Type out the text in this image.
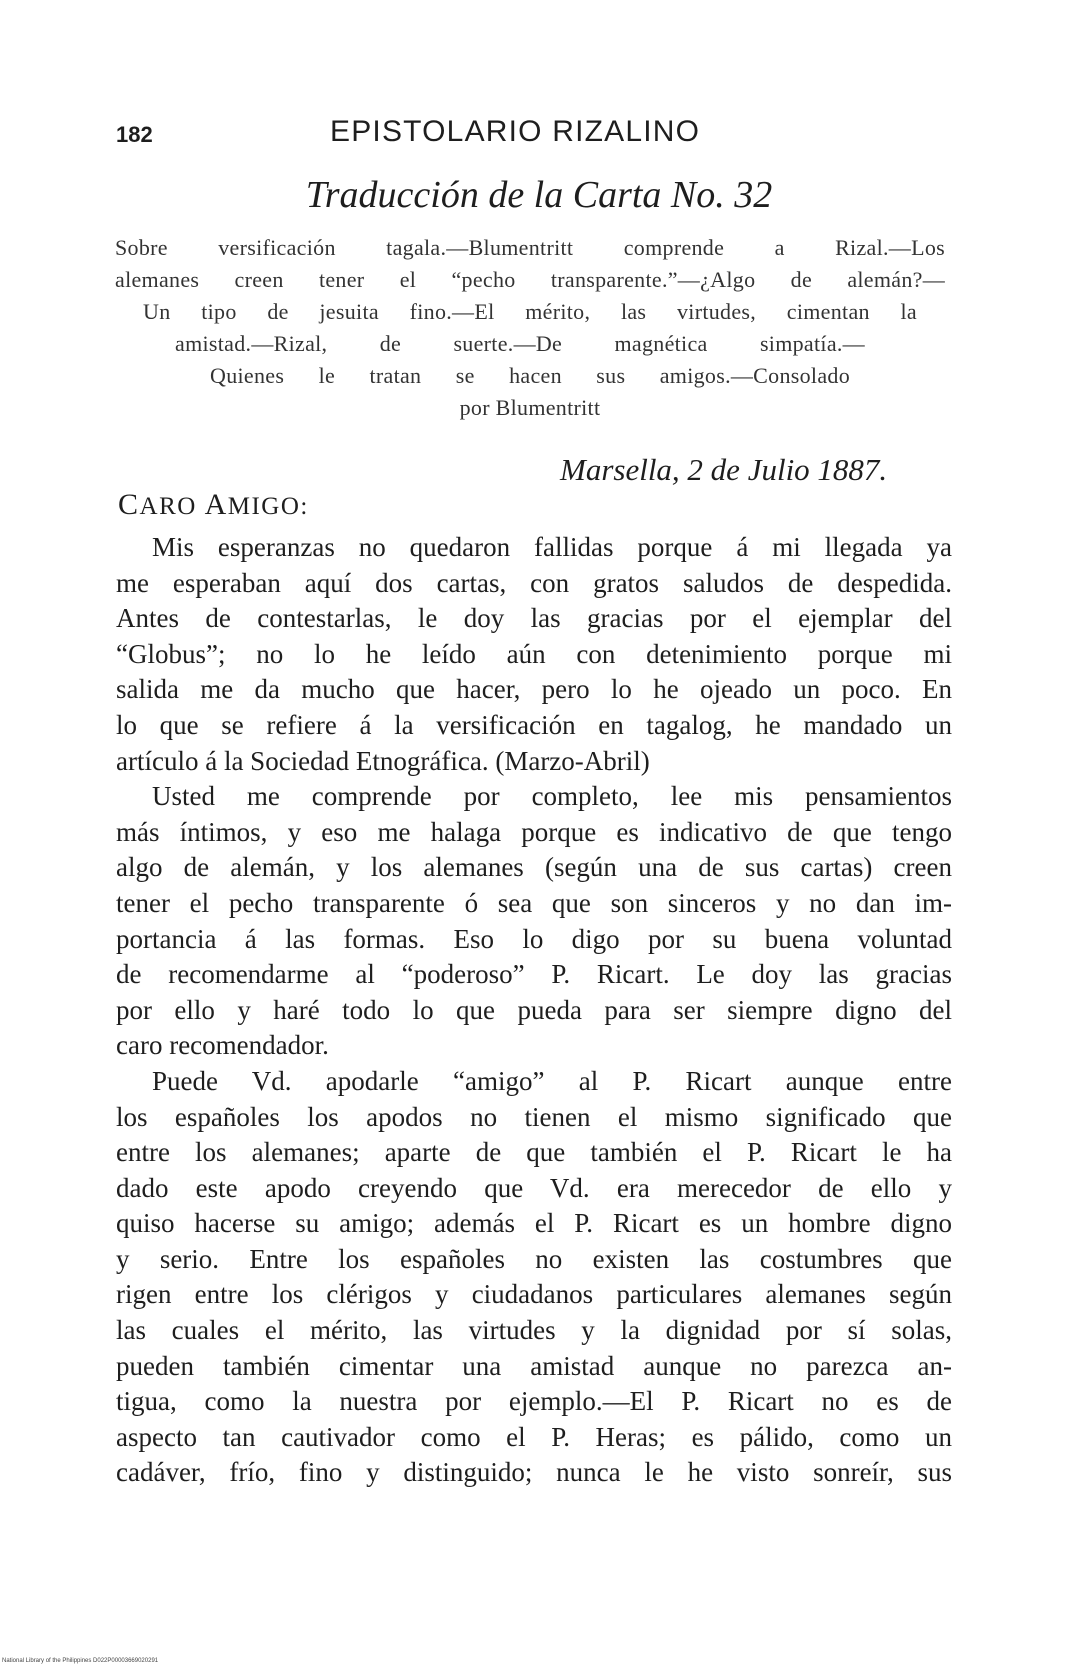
182	EPISTOLARIO RIZALINO
Traducción de la Carta No. 32
Sobre versificación tagala.—Blumentritt comprende a Rizal.—Los
alemanes creen tener el “pecho transparente.”—¿Algo de alemán?—
Un tipo de jesuita fino.—El mérito, las virtudes, cimentan la
amistad.—Rizal, de suerte.—De magnética simpatía.—
Quienes le tratan se hacen sus amigos.—Consolado
por Blumentritt
Marsella, 2 de Julio 1887.
CARO AMIGO:
Mis esperanzas no quedaron fallidas porque á mi llegada ya
me esperaban aquí dos cartas, con gratos saludos de despedida.
Antes de contestarlas, le doy las gracias por el ejemplar del
“Globus”; no lo he leído aún con detenimiento porque mi
salida me da mucho que hacer, pero lo he ojeado un poco. En
lo que se refiere á la versificación en tagalog, he mandado un
artículo á la Sociedad Etnográfica. (Marzo-Abril)
Usted me comprende por completo, lee mis pensamientos
más íntimos, y eso me halaga porque es indicativo de que tengo
algo de alemán, y los alemanes (según una de sus cartas) creen
tener el pecho transparente ó sea que son sinceros y no dan im-
portancia á las formas. Eso lo digo por su buena voluntad
de recomendarme al “poderoso” P. Ricart. Le doy las gracias
por ello y haré todo lo que pueda para ser siempre digno del
caro recomendador.
Puede Vd. apodarle “amigo” al P. Ricart aunque entre
los españoles los apodos no tienen el mismo significado que
entre los alemanes; aparte de que también el P. Ricart le ha
dado este apodo creyendo que Vd. era merecedor de ello y
quiso hacerse su amigo; además el P. Ricart es un hombre digno
y serio. Entre los españoles no existen las costumbres que
rigen entre los clérigos y ciudadanos particulares alemanes según
las cuales el mérito, las virtudes y la dignidad por sí solas,
pueden también cimentar una amistad aunque no parezca an-
tigua, como la nuestra por ejemplo.—El P. Ricart no es de
aspecto tan cautivador como el P. Heras; es pálido, como un
cadáver, frío, fino y distinguido; nunca le he visto sonreír, sus
National Library of the Philippines D022P00003669020291
